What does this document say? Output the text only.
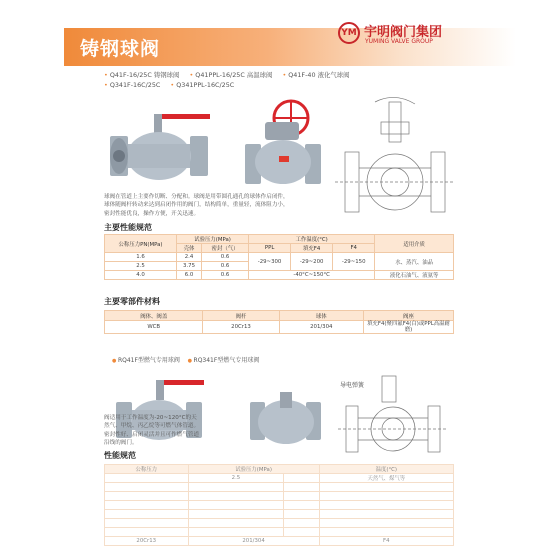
铸钢球阀
YM 宇明阀门集团
YUMING VALVE GROUP
• Q41F-16/25C 铸钢球阀 • Q41PPL-16/25C 高温球阀 • Q41F-40 液化气球阀
• Q341F-16C/25C • Q341PPL-16C/25C
球阀在管道上主要作切断、分配和。球阀是用带圆孔通孔的球体作启闭件，球体随阀杆转动来达到启闭作用的阀门，结构简单，重量轻，流体阻力小，密封性能优良，操作方便，开关迅速。
主要性能规范
公称压力PN(MPa)	试验压力(MPa)		工作温度(°C)			适用介质
	壳体	密封（气）	PPL	填充F4	F4	
1.6	2.4	0.6	-29~300	-29~200	-29~150	水、蒸汽、油品
2.5	3.75	0.6				
4.0	6.0	0.6	-40°C~150°C			液化石油气、液氨等
主要零部件材料
阀体、阀盖	阀杆	球体	阀座
WCB	20Cr13	201/304	填充F4(聚四氟F4(白)或PPL高温耐磨)
● RQ41F型燃气专用球阀 ● RQ341F型燃气专用球阀
导电弹簧
阀适用于工作温度为-20~120°C的天然气、甲烷、丙乙烷等可燃气体管道。密封性好、启闭灵活并且可作燃气管道沿线的阀门。
性能规范
公称压力	试验压力(MPa)		温度(°C)
	2.5		天然气、煤气等

20Cr13	201/304		F4
